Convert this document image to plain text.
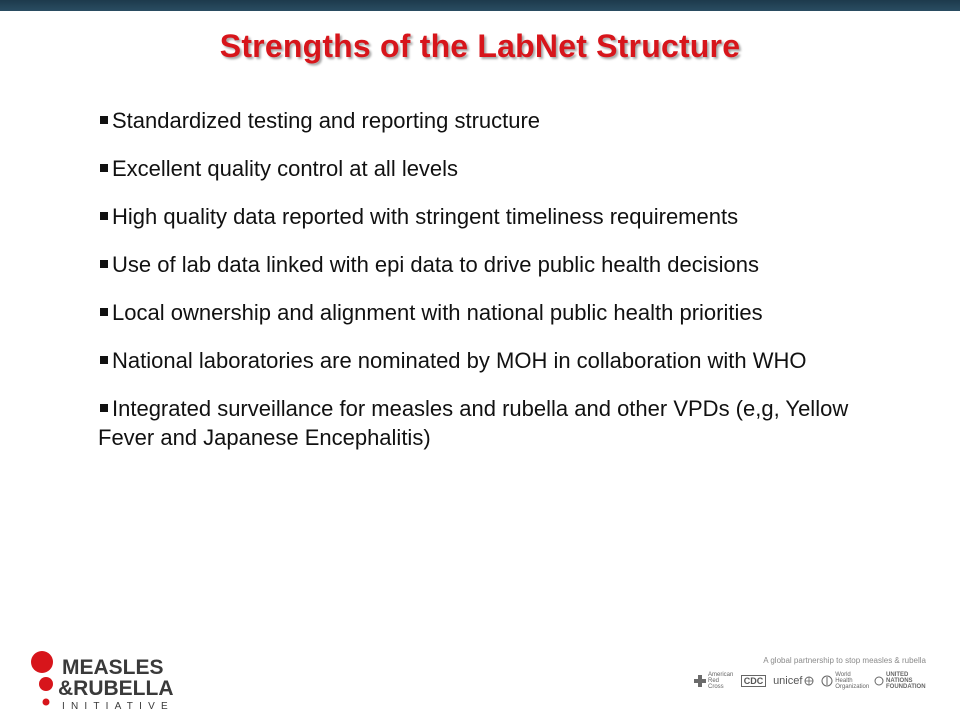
Strengths of the LabNet Structure
Standardized testing and reporting structure
Excellent quality control at all levels
High quality data reported with stringent timeliness requirements
Use of lab data linked with epi data to drive public health decisions
Local ownership and alignment with national public health priorities
National laboratories are nominated by MOH in collaboration with WHO
Integrated surveillance for measles and rubella and other VPDs (e,g, Yellow Fever and Japanese Encephalitis)
MEASLES
&RUBELLA
INITIATIVE
A global partnership to stop measles & rubella
American Red Cross
CDC unicef	World Health Organization
UNITED NATIONS FOUNDATION
